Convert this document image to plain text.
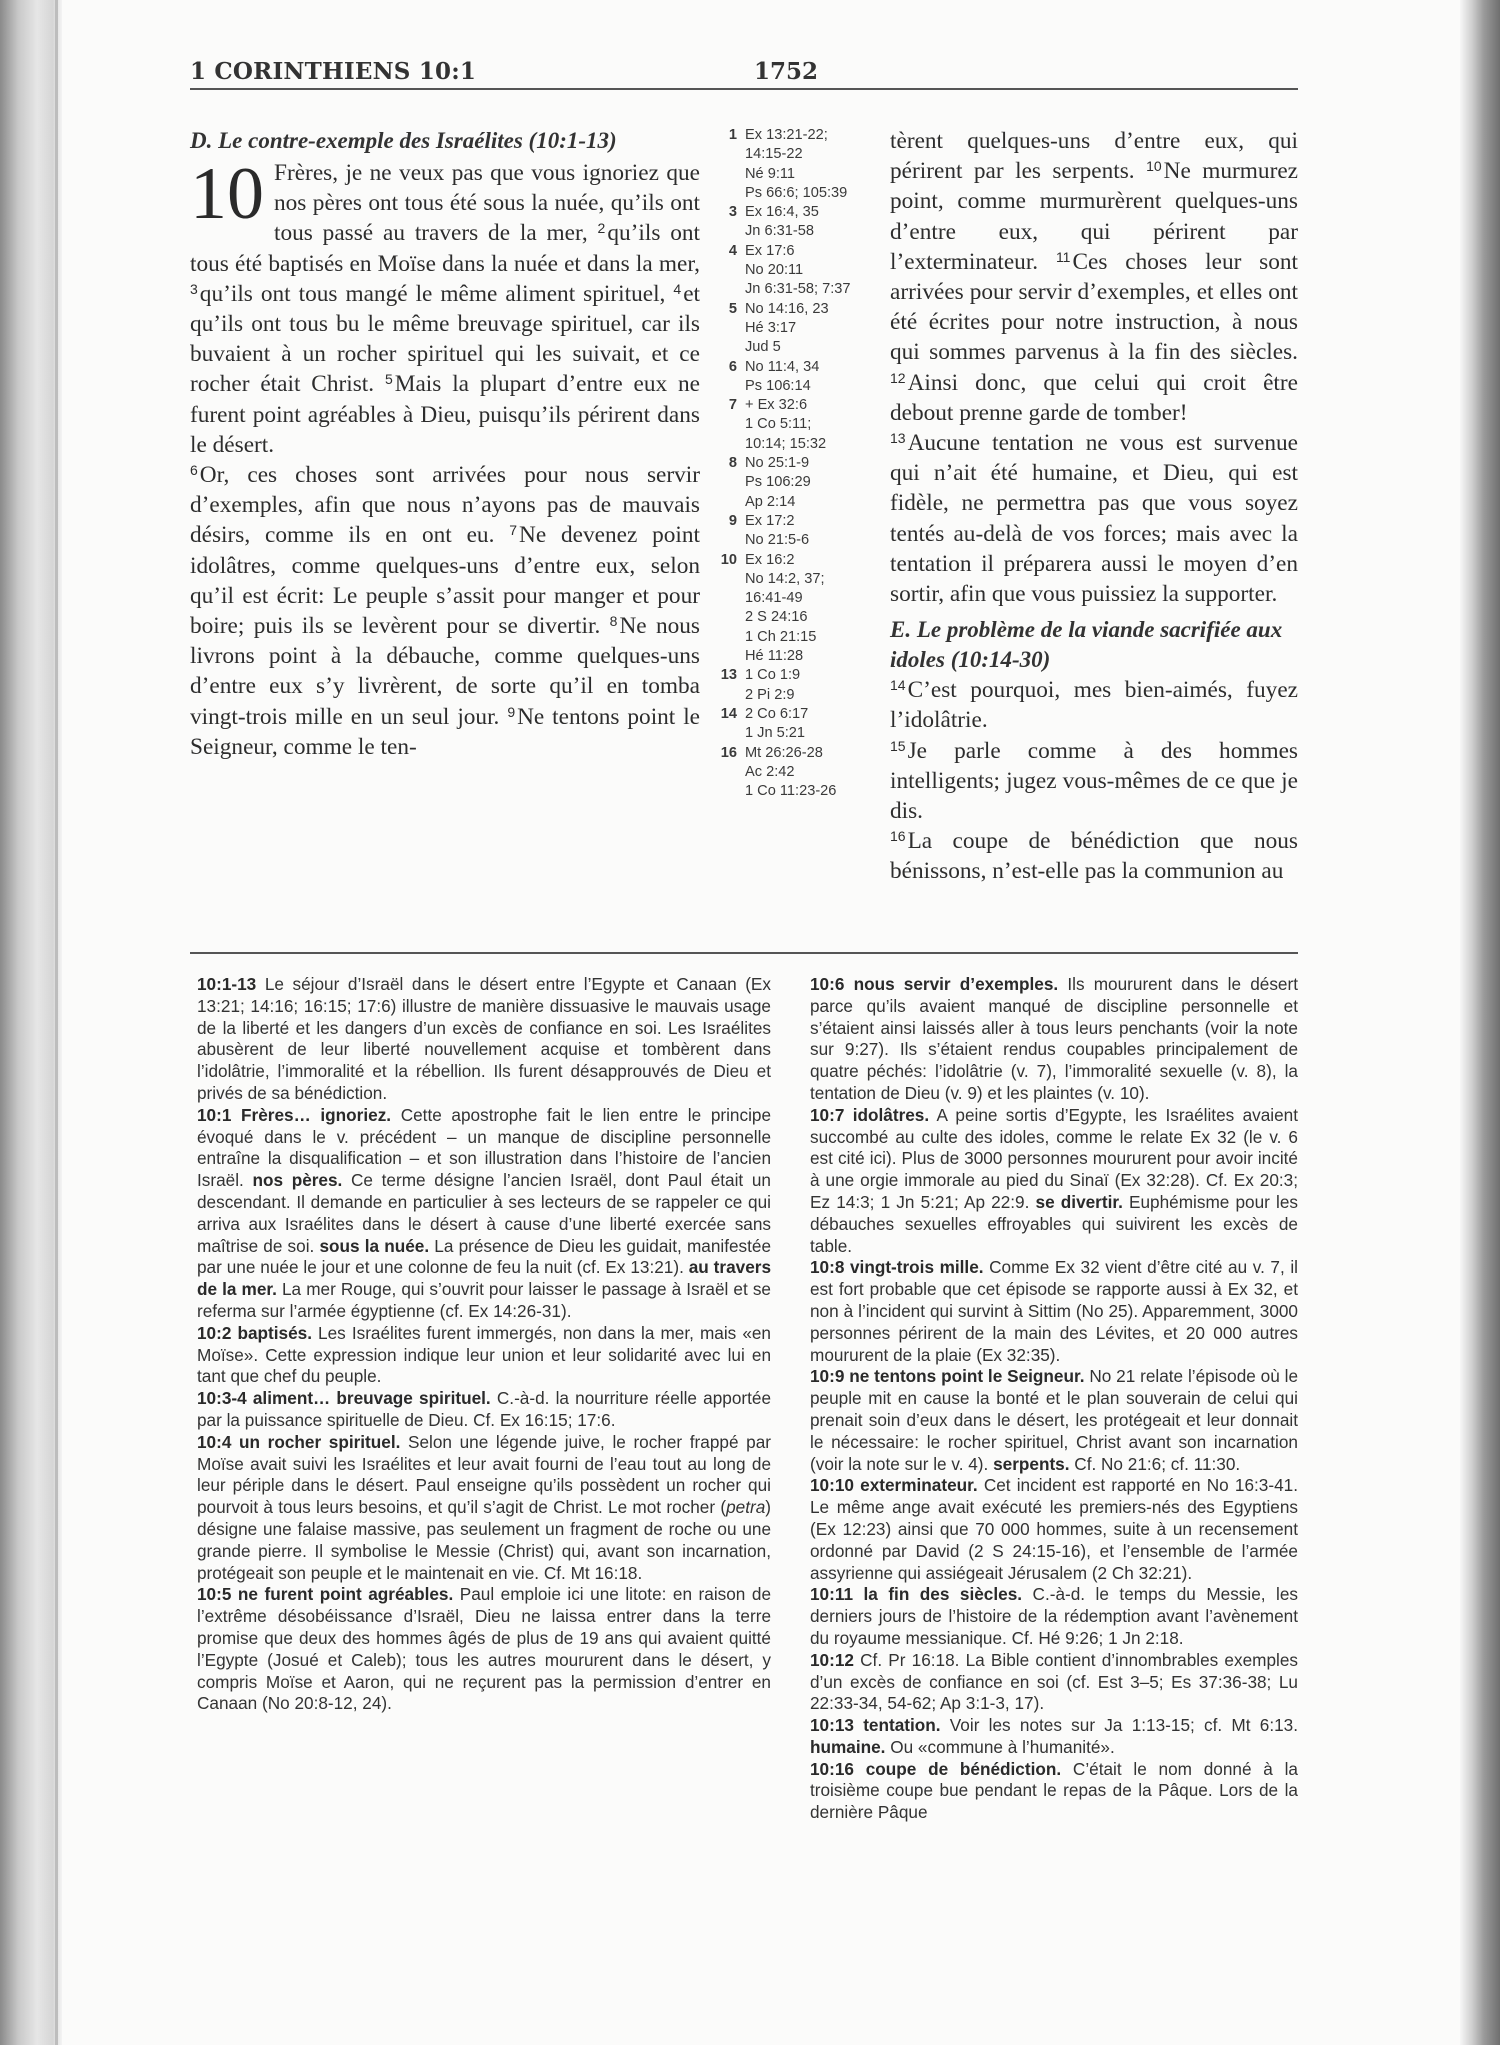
1 CORINTHIENS 10:1	1752
D. Le contre-exemple des Israélites (10:1-13)
10 Frères, je ne veux pas que vous ignoriez que nos pères ont tous été sous la nuée, qu’ils ont tous passé au travers de la mer, $^2$qu’ils ont tous été baptisés en Moïse dans la nuée et dans la mer, $^3$qu’ils ont tous mangé le même aliment spirituel, $^4$et qu’ils ont tous bu le même breuvage spirituel, car ils buvaient à un rocher spirituel qui les suivait, et ce rocher était Christ. $^5$Mais la plupart d’entre eux ne furent point agréables à Dieu, puisqu’ils périrent dans le désert.
$^6$Or, ces choses sont arrivées pour nous servir d’exemples, afin que nous n’ayons pas de mauvais désirs, comme ils en ont eu. $^7$Ne devenez point idolâtres, comme quelques-uns d’entre eux, selon qu’il est écrit: Le peuple s’assit pour manger et pour boire; puis ils se levèrent pour se divertir. $^8$Ne nous livrons point à la débauche, comme quelques-uns d’entre eux s’y livrèrent, de sorte qu’il en tomba vingt-trois mille en un seul jour. $^9$Ne tentons point le Seigneur, comme le ten-
1 Ex 13:21-22;
14:15-22
Né 9:11
Ps 66:6; 105:39
3 Ex 16:4, 35
Jn 6:31-58
4 Ex 17:6
No 20:11
Jn 6:31-58; 7:37
5 No 14:16, 23
Hé 3:17
Jud 5
6 No 11:4, 34
Ps 106:14
7 + Ex 32:6
1 Co 5:11;
10:14; 15:32
8 No 25:1-9
Ps 106:29
Ap 2:14
9 Ex 17:2
No 21:5-6
10 Ex 16:2
No 14:2, 37;
16:41-49
2 S 24:16
1 Ch 21:15
Hé 11:28
13 1 Co 1:9
2 Pi 2:9
14 2 Co 6:17
1 Jn 5:21
16 Mt 26:26-28
Ac 2:42
1 Co 11:23-26
tèrent quelques-uns d’entre eux, qui périrent par les serpents. $^{10}$Ne murmurez point, comme murmurèrent quelques-uns d’entre eux, qui périrent par l’exterminateur. $^{11}$Ces choses leur sont arrivées pour servir d’exemples, et elles ont été écrites pour notre instruction, à nous qui sommes parvenus à la fin des siècles. $^{12}$Ainsi donc, que celui qui croit être debout prenne garde de tomber!
$^{13}$Aucune tentation ne vous est survenue qui n’ait été humaine, et Dieu, qui est fidèle, ne permettra pas que vous soyez tentés au-delà de vos forces; mais avec la tentation il préparera aussi le moyen d’en sortir, afin que vous puissiez la supporter.
E. Le problème de la viande sacrifiée aux idoles (10:14-30)
$^{14}$C’est pourquoi, mes bien-aimés, fuyez l’idolâtrie.
$^{15}$Je parle comme à des hommes intelligents; jugez vous-mêmes de ce que je dis.
$^{16}$La coupe de bénédiction que nous bénissons, n’est-elle pas la communion au
10:1-13 Le séjour d’Israël dans le désert entre l’Egypte et Canaan (Ex 13:21; 14:16; 16:15; 17:6) illustre de manière dissuasive le mauvais usage de la liberté et les dangers d’un excès de confiance en soi. Les Israélites abusèrent de leur liberté nouvellement acquise et tombèrent dans l’idolâtrie, l’immoralité et la rébellion. Ils furent désapprouvés de Dieu et privés de sa bénédiction.
10:1 Frères… ignoriez. Cette apostrophe fait le lien entre le principe évoqué dans le v. précédent – un manque de discipline personnelle entraîne la disqualification – et son illustration dans l’histoire de l’ancien Israël. nos pères. Ce terme désigne l’ancien Israël, dont Paul était un descendant. Il demande en particulier à ses lecteurs de se rappeler ce qui arriva aux Israélites dans le désert à cause d’une liberté exercée sans maîtrise de soi. sous la nuée. La présence de Dieu les guidait, manifestée par une nuée le jour et une colonne de feu la nuit (cf. Ex 13:21). au travers de la mer. La mer Rouge, qui s’ouvrit pour laisser le passage à Israël et se referma sur l’armée égyptienne (cf. Ex 14:26-31).
10:2 baptisés. Les Israélites furent immergés, non dans la mer, mais «en Moïse». Cette expression indique leur union et leur solidarité avec lui en tant que chef du peuple.
10:3-4 aliment… breuvage spirituel. C.-à-d. la nourriture réelle apportée par la puissance spirituelle de Dieu. Cf. Ex 16:15; 17:6.
10:4 un rocher spirituel. Selon une légende juive, le rocher frappé par Moïse avait suivi les Israélites et leur avait fourni de l’eau tout au long de leur périple dans le désert. Paul enseigne qu’ils possèdent un rocher qui pourvoit à tous leurs besoins, et qu’il s’agit de Christ. Le mot rocher (petra) désigne une falaise massive, pas seulement un fragment de roche ou une grande pierre. Il symbolise le Messie (Christ) qui, avant son incarnation, protégeait son peuple et le maintenait en vie. Cf. Mt 16:18.
10:5 ne furent point agréables. Paul emploie ici une litote: en raison de l’extrême désobéissance d’Israël, Dieu ne laissa entrer dans la terre promise que deux des hommes âgés de plus de 19 ans qui avaient quitté l’Egypte (Josué et Caleb); tous les autres moururent dans le désert, y compris Moïse et Aaron, qui ne reçurent pas la permission d’entrer en Canaan (No 20:8-12, 24).
10:6 nous servir d’exemples. Ils moururent dans le désert parce qu’ils avaient manqué de discipline personnelle et s’étaient ainsi laissés aller à tous leurs penchants (voir la note sur 9:27). Ils s’étaient rendus coupables principalement de quatre péchés: l’idolâtrie (v. 7), l’immoralité sexuelle (v. 8), la tentation de Dieu (v. 9) et les plaintes (v. 10).
10:7 idolâtres. A peine sortis d’Egypte, les Israélites avaient succombé au culte des idoles, comme le relate Ex 32 (le v. 6 est cité ici). Plus de 3000 personnes moururent pour avoir incité à une orgie immorale au pied du Sinaï (Ex 32:28). Cf. Ex 20:3; Ez 14:3; 1 Jn 5:21; Ap 22:9. se divertir. Euphémisme pour les débauches sexuelles effroyables qui suivirent les excès de table.
10:8 vingt-trois mille. Comme Ex 32 vient d’être cité au v. 7, il est fort probable que cet épisode se rapporte aussi à Ex 32, et non à l’incident qui survint à Sittim (No 25). Apparemment, 3000 personnes périrent de la main des Lévites, et 20 000 autres moururent de la plaie (Ex 32:35).
10:9 ne tentons point le Seigneur. No 21 relate l’épisode où le peuple mit en cause la bonté et le plan souverain de celui qui prenait soin d’eux dans le désert, les protégeait et leur donnait le nécessaire: le rocher spirituel, Christ avant son incarnation (voir la note sur le v. 4). serpents. Cf. No 21:6; cf. 11:30.
10:10 exterminateur. Cet incident est rapporté en No 16:3-41. Le même ange avait exécuté les premiers-nés des Egyptiens (Ex 12:23) ainsi que 70 000 hommes, suite à un recensement ordonné par David (2 S 24:15-16), et l’ensemble de l’armée assyrienne qui assiégeait Jérusalem (2 Ch 32:21).
10:11 la fin des siècles. C.-à-d. le temps du Messie, les derniers jours de l’histoire de la rédemption avant l’avènement du royaume messianique. Cf. Hé 9:26; 1 Jn 2:18.
10:12 Cf. Pr 16:18. La Bible contient d’innombrables exemples d’un excès de confiance en soi (cf. Est 3–5; Es 37:36-38; Lu 22:33-34, 54-62; Ap 3:1-3, 17).
10:13 tentation. Voir les notes sur Ja 1:13-15; cf. Mt 6:13. humaine. Ou «commune à l’humanité».
10:16 coupe de bénédiction. C’était le nom donné à la troisième coupe bue pendant le repas de la Pâque. Lors de la dernière Pâque
